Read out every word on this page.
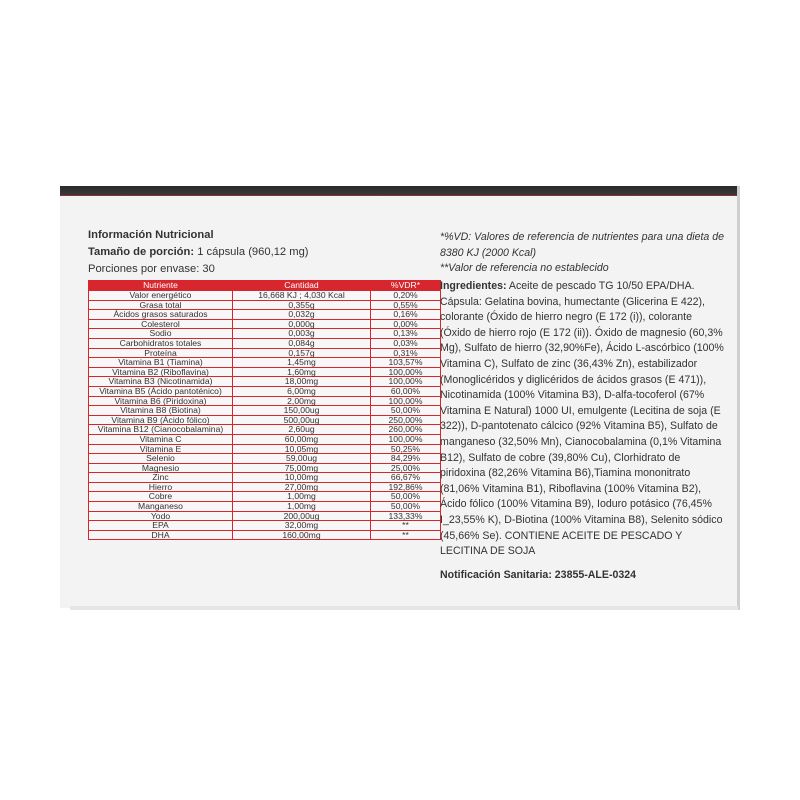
Información Nutricional
Tamaño de porción: 1 cápsula (960,12 mg)
Porciones por envase: 30
Nutriente	Cantidad	%VDR*
Valor energético	16,668 KJ ; 4,030 Kcal	0,20%
Grasa total	0,355g	0,55%
Ácidos grasos saturados	0,032g	0,16%
Colesterol	0,000g	0,00%
Sodio	0,003g	0,13%
Carbohidratos totales	0,084g	0,03%
Proteína	0,157g	0,31%
Vitamina B1 (Tiamina)	1,45mg	103,57%
Vitamina B2 (Riboflavina)	1,60mg	100,00%
Vitamina B3 (Nicotinamida)	18,00mg	100,00%
Vitamina B5 (Ácido pantoténico)	6,00mg	60,00%
Vitamina B6 (Piridoxina)	2,00mg	100,00%
Vitamina B8 (Biotina)	150,00ug	50,00%
Vitamina B9 (Ácido fólico)	500,00ug	250,00%
Vitamina B12 (Cianocobalamina)	2,60ug	260,00%
Vitamina C	60,00mg	100,00%
Vitamina E	10,05mg	50,25%
Selenio	59,00ug	84,29%
Magnesio	75,00mg	25,00%
Zinc	10,00mg	66,67%
Hierro	27,00mg	192,86%
Cobre	1,00mg	50,00%
Manganeso	1,00mg	50,00%
Yodo	200,00ug	133,33%
EPA	32,00mg	**
DHA	160,00mg	**
*%VD: Valores de referencia de nutrientes para una dieta de 8380 KJ (2000 Kcal)
**Valor de referencia no establecido
Ingredientes: Aceite de pescado TG 10/50 EPA/DHA. Cápsula: Gelatina bovina, humectante (Glicerina E 422), colorante (Óxido de hierro negro (E 172 (i)), colorante (Óxido de hierro rojo (E 172 (ii)). Óxido de magnesio (60,3% Mg), Sulfato de hierro (32,90%Fe), Ácido L-ascórbico (100% Vitamina C), Sulfato de zinc (36,43% Zn), estabilizador (Monoglicéridos y diglicéridos de ácidos grasos (E 471)), Nicotinamida (100% Vitamina B3), D-alfa-tocoferol (67% Vitamina E Natural) 1000 UI, emulgente (Lecitina de soja (E 322)), D-pantotenato cálcico (92% Vitamina B5), Sulfato de manganeso (32,50% Mn), Cianocobalamina (0,1% Vitamina B12), Sulfato de cobre (39,80% Cu), Clorhidrato de piridoxina (82,26% Vitamina B6),Tiamina mononitrato (81,06% Vitamina B1), Riboflavina (100% Vitamina B2), Ácido fólico (100% Vitamina B9), Ioduro potásico (76,45% I_23,55% K), D-Biotina (100% Vitamina B8), Selenito sódico (45,66% Se). CONTIENE ACEITE DE PESCADO Y LECITINA DE SOJA
Notificación Sanitaria: 23855-ALE-0324
